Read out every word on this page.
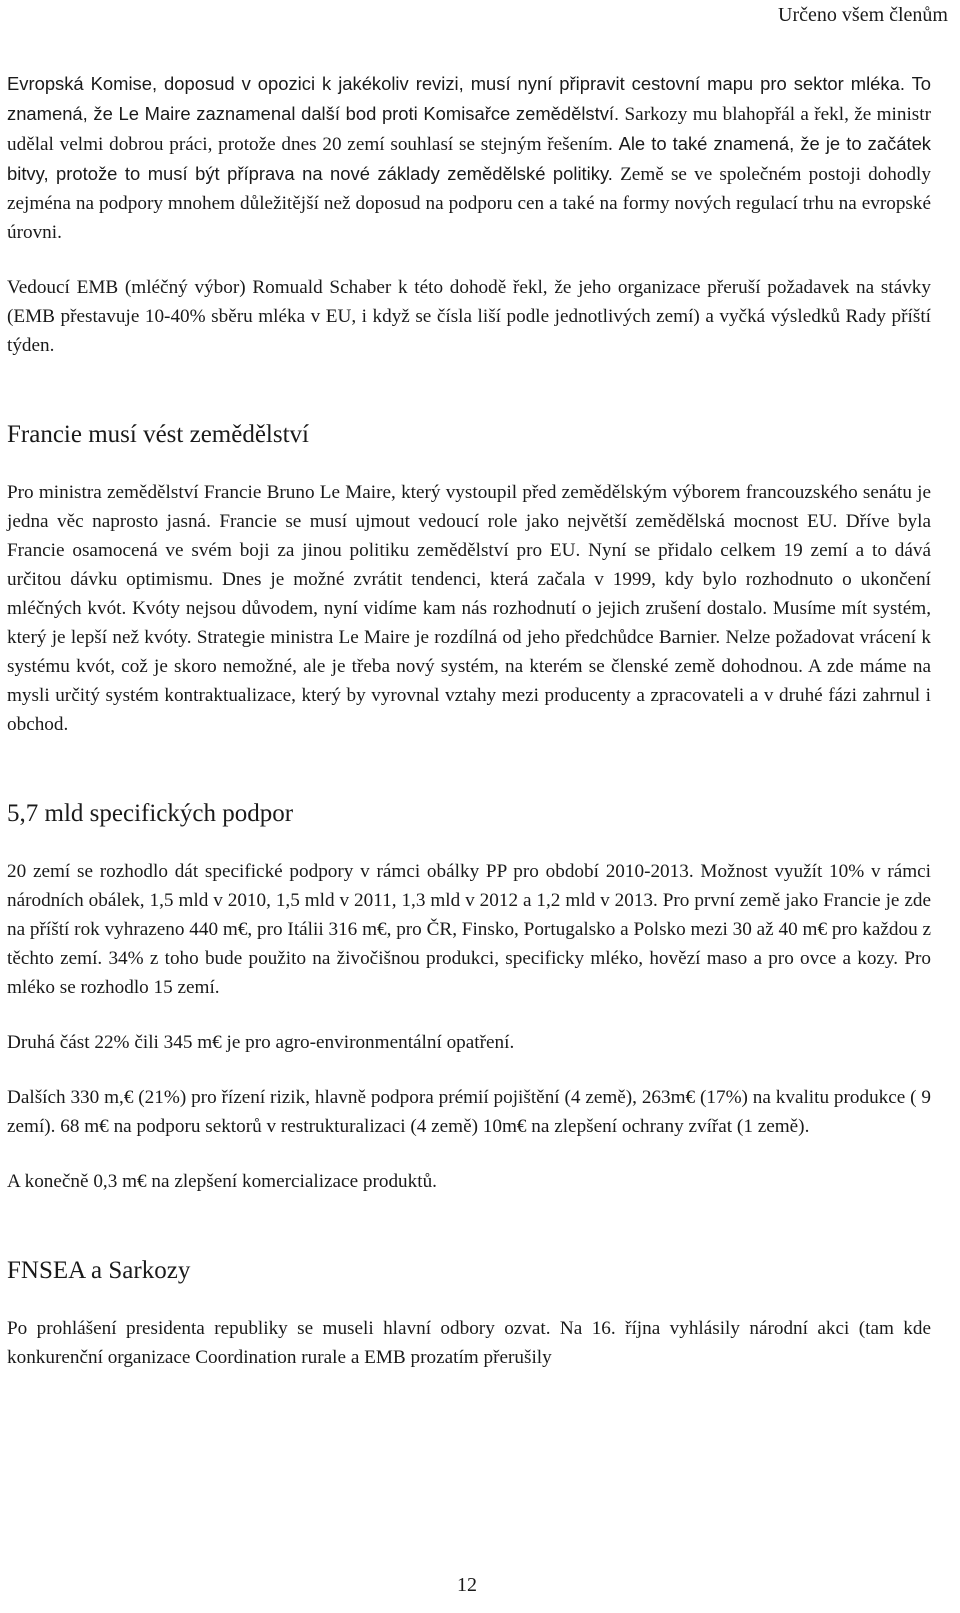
Určeno všem členům

Evropská Komise, doposud v opozici k jakékoliv revizi, musí nyní připravit cestovní mapu pro sektor mléka. To znamená, že Le Maire zaznamenal další bod proti Komisařce zemědělství. Sarkozy mu blahopřál a řekl, že ministr udělal velmi dobrou práci, protože dnes 20 zemí souhlasí se stejným řešením. Ale to také znamená, že je to začátek bitvy, protože to musí být příprava na nové základy zemědělské politiky. Země se ve společném postoji dohodly zejména na podpory mnohem důležitější než doposud na podporu cen a také na formy nových regulací trhu na evropské úrovni.

Vedoucí EMB (mléčný výbor) Romuald Schaber k této dohodě řekl, že jeho organizace přeruší požadavek na stávky (EMB přestavuje 10-40% sběru mléka v EU, i když se čísla liší podle jednotlivých zemí) a vyčká výsledků Rady příští týden.

Francie musí vést zemědělství

Pro ministra zemědělství Francie Bruno Le Maire, který vystoupil před zemědělským výborem francouzského senátu je jedna věc naprosto jasná. Francie se musí ujmout vedoucí role jako největší zemědělská mocnost EU. Dříve byla Francie osamocená ve svém boji za jinou politiku zemědělství pro EU. Nyní se přidalo celkem 19 zemí a to dává určitou dávku optimismu. Dnes je možné zvrátit tendenci, která začala v 1999, kdy bylo rozhodnuto o ukončení mléčných kvót. Kvóty nejsou důvodem, nyní vidíme kam nás rozhodnutí o jejich zrušení dostalo. Musíme mít systém, který je lepší než kvóty. Strategie ministra Le Maire je rozdílná od jeho předchůdce Barnier. Nelze požadovat vrácení k systému kvót, což je skoro nemožné, ale je třeba nový systém, na kterém se členské země dohodnou. A zde máme na mysli určitý systém kontraktualizace, který by vyrovnal vztahy mezi producenty a zpracovateli a v druhé fázi zahrnul i obchod.

5,7 mld specifických podpor

20 zemí se rozhodlo dát specifické podpory v rámci obálky PP pro období 2010-2013. Možnost využít 10% v rámci národních obálek, 1,5 mld v 2010, 1,5 mld v 2011, 1,3 mld v 2012 a 1,2 mld v 2013. Pro první země jako Francie je zde na příští rok vyhrazeno 440 m€, pro Itálii 316 m€, pro ČR, Finsko, Portugalsko a Polsko mezi 30 až 40 m€ pro každou z těchto zemí. 34% z toho bude použito na živočišnou produkci, specificky mléko, hovězí maso a pro ovce a kozy. Pro mléko se rozhodlo 15 zemí.

Druhá část 22% čili 345 m€ je pro agro-environmentální opatření.

Dalších 330 m,€ (21%) pro řízení rizik, hlavně podpora prémií pojištění (4 země), 263m€ (17%) na kvalitu produkce ( 9 zemí). 68 m€ na podporu sektorů v restrukturalizaci (4 země) 10m€ na zlepšení ochrany zvířat (1 země).

A konečně 0,3 m€ na zlepšení komercializace produktů.

FNSEA a Sarkozy

Po prohlášení presidenta republiky se museli hlavní odbory ozvat. Na 16. října vyhlásily národní akci (tam kde konkurenční organizace Coordination rurale a EMB prozatím přerušily

12
